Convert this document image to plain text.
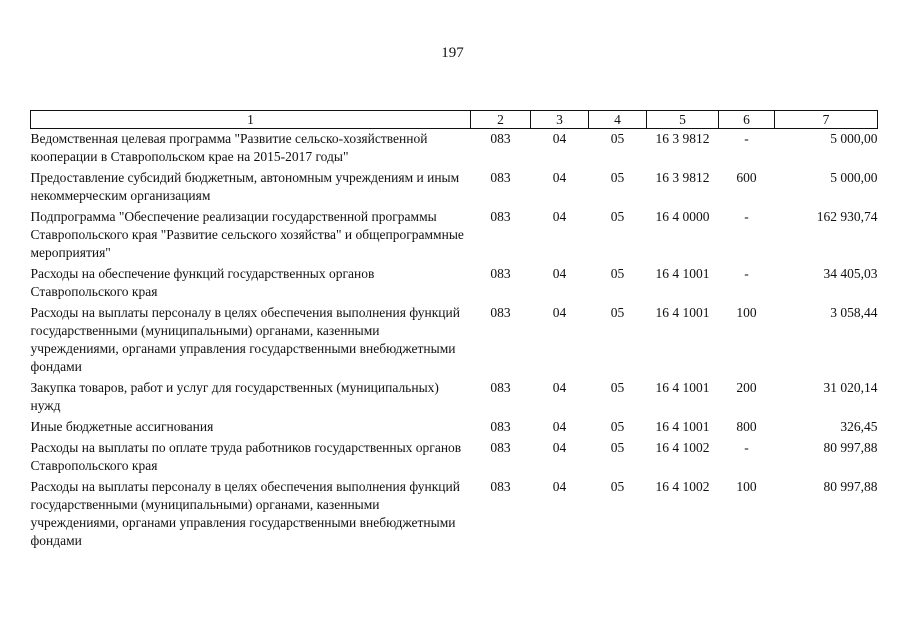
197
1	2	3	4	5	6	7
Ведомственная целевая программа "Развитие сельско-хозяйственной кооперации в Ставропольском крае на 2015-2017 годы"	083	04	05	16 3 9812	-	5 000,00
Предоставление субсидий бюджетным, автономным учреждениям и иным некоммерческим организациям	083	04	05	16 3 9812	600	5 000,00
Подпрограмма "Обеспечение реализации государственной программы Ставропольского края "Развитие сельского хозяйства" и общепрограммные мероприятия"	083	04	05	16 4 0000	-	162 930,74
Расходы на обеспечение функций государственных органов Ставропольского края	083	04	05	16 4 1001	-	34 405,03
Расходы на выплаты персоналу в целях обеспечения выполнения функций государственными (муниципальными) органами, казенными учреждениями, органами управления государственными внебюджетными фондами	083	04	05	16 4 1001	100	3 058,44
Закупка товаров, работ и услуг для государственных (муниципальных) нужд	083	04	05	16 4 1001	200	31 020,14
Иные бюджетные ассигнования	083	04	05	16 4 1001	800	326,45
Расходы на выплаты по оплате труда работников государственных органов Ставропольского края	083	04	05	16 4 1002	-	80 997,88
Расходы на выплаты персоналу в целях обеспечения выполнения функций государственными (муниципальными) органами, казенными учреждениями, органами управления государственными внебюджетными фондами	083	04	05	16 4 1002	100	80 997,88
